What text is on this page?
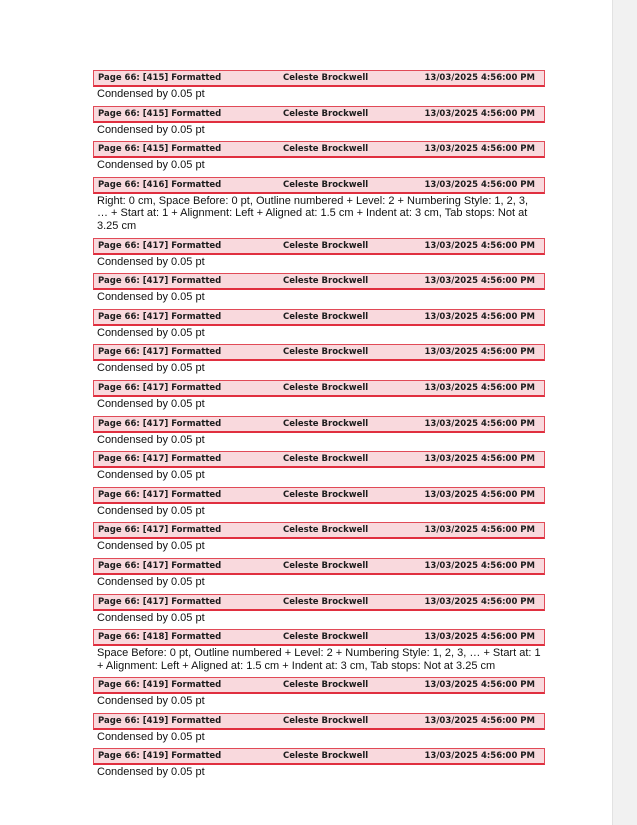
Page 66: [415] Formatted	Celeste Brockwell	13/03/2025 4:56:00 PM
Condensed by 0.05 pt
Page 66: [415] Formatted	Celeste Brockwell	13/03/2025 4:56:00 PM
Condensed by 0.05 pt
Page 66: [415] Formatted	Celeste Brockwell	13/03/2025 4:56:00 PM
Condensed by 0.05 pt
Page 66: [416] Formatted	Celeste Brockwell	13/03/2025 4:56:00 PM
Right: 0 cm, Space Before: 0 pt, Outline numbered + Level: 2 + Numbering Style: 1, 2, 3, … + Start at: 1 + Alignment: Left + Aligned at: 1.5 cm + Indent at: 3 cm, Tab stops: Not at 3.25 cm
Page 66: [417] Formatted	Celeste Brockwell	13/03/2025 4:56:00 PM
Condensed by 0.05 pt
Page 66: [417] Formatted	Celeste Brockwell	13/03/2025 4:56:00 PM
Condensed by 0.05 pt
Page 66: [417] Formatted	Celeste Brockwell	13/03/2025 4:56:00 PM
Condensed by 0.05 pt
Page 66: [417] Formatted	Celeste Brockwell	13/03/2025 4:56:00 PM
Condensed by 0.05 pt
Page 66: [417] Formatted	Celeste Brockwell	13/03/2025 4:56:00 PM
Condensed by 0.05 pt
Page 66: [417] Formatted	Celeste Brockwell	13/03/2025 4:56:00 PM
Condensed by 0.05 pt
Page 66: [417] Formatted	Celeste Brockwell	13/03/2025 4:56:00 PM
Condensed by 0.05 pt
Page 66: [417] Formatted	Celeste Brockwell	13/03/2025 4:56:00 PM
Condensed by 0.05 pt
Page 66: [417] Formatted	Celeste Brockwell	13/03/2025 4:56:00 PM
Condensed by 0.05 pt
Page 66: [417] Formatted	Celeste Brockwell	13/03/2025 4:56:00 PM
Condensed by 0.05 pt
Page 66: [417] Formatted	Celeste Brockwell	13/03/2025 4:56:00 PM
Condensed by 0.05 pt
Page 66: [418] Formatted	Celeste Brockwell	13/03/2025 4:56:00 PM
Space Before: 0 pt, Outline numbered + Level: 2 + Numbering Style: 1, 2, 3, … + Start at: 1 + Alignment: Left + Aligned at: 1.5 cm + Indent at: 3 cm, Tab stops: Not at 3.25 cm
Page 66: [419] Formatted	Celeste Brockwell	13/03/2025 4:56:00 PM
Condensed by 0.05 pt
Page 66: [419] Formatted	Celeste Brockwell	13/03/2025 4:56:00 PM
Condensed by 0.05 pt
Page 66: [419] Formatted	Celeste Brockwell	13/03/2025 4:56:00 PM
Condensed by 0.05 pt
